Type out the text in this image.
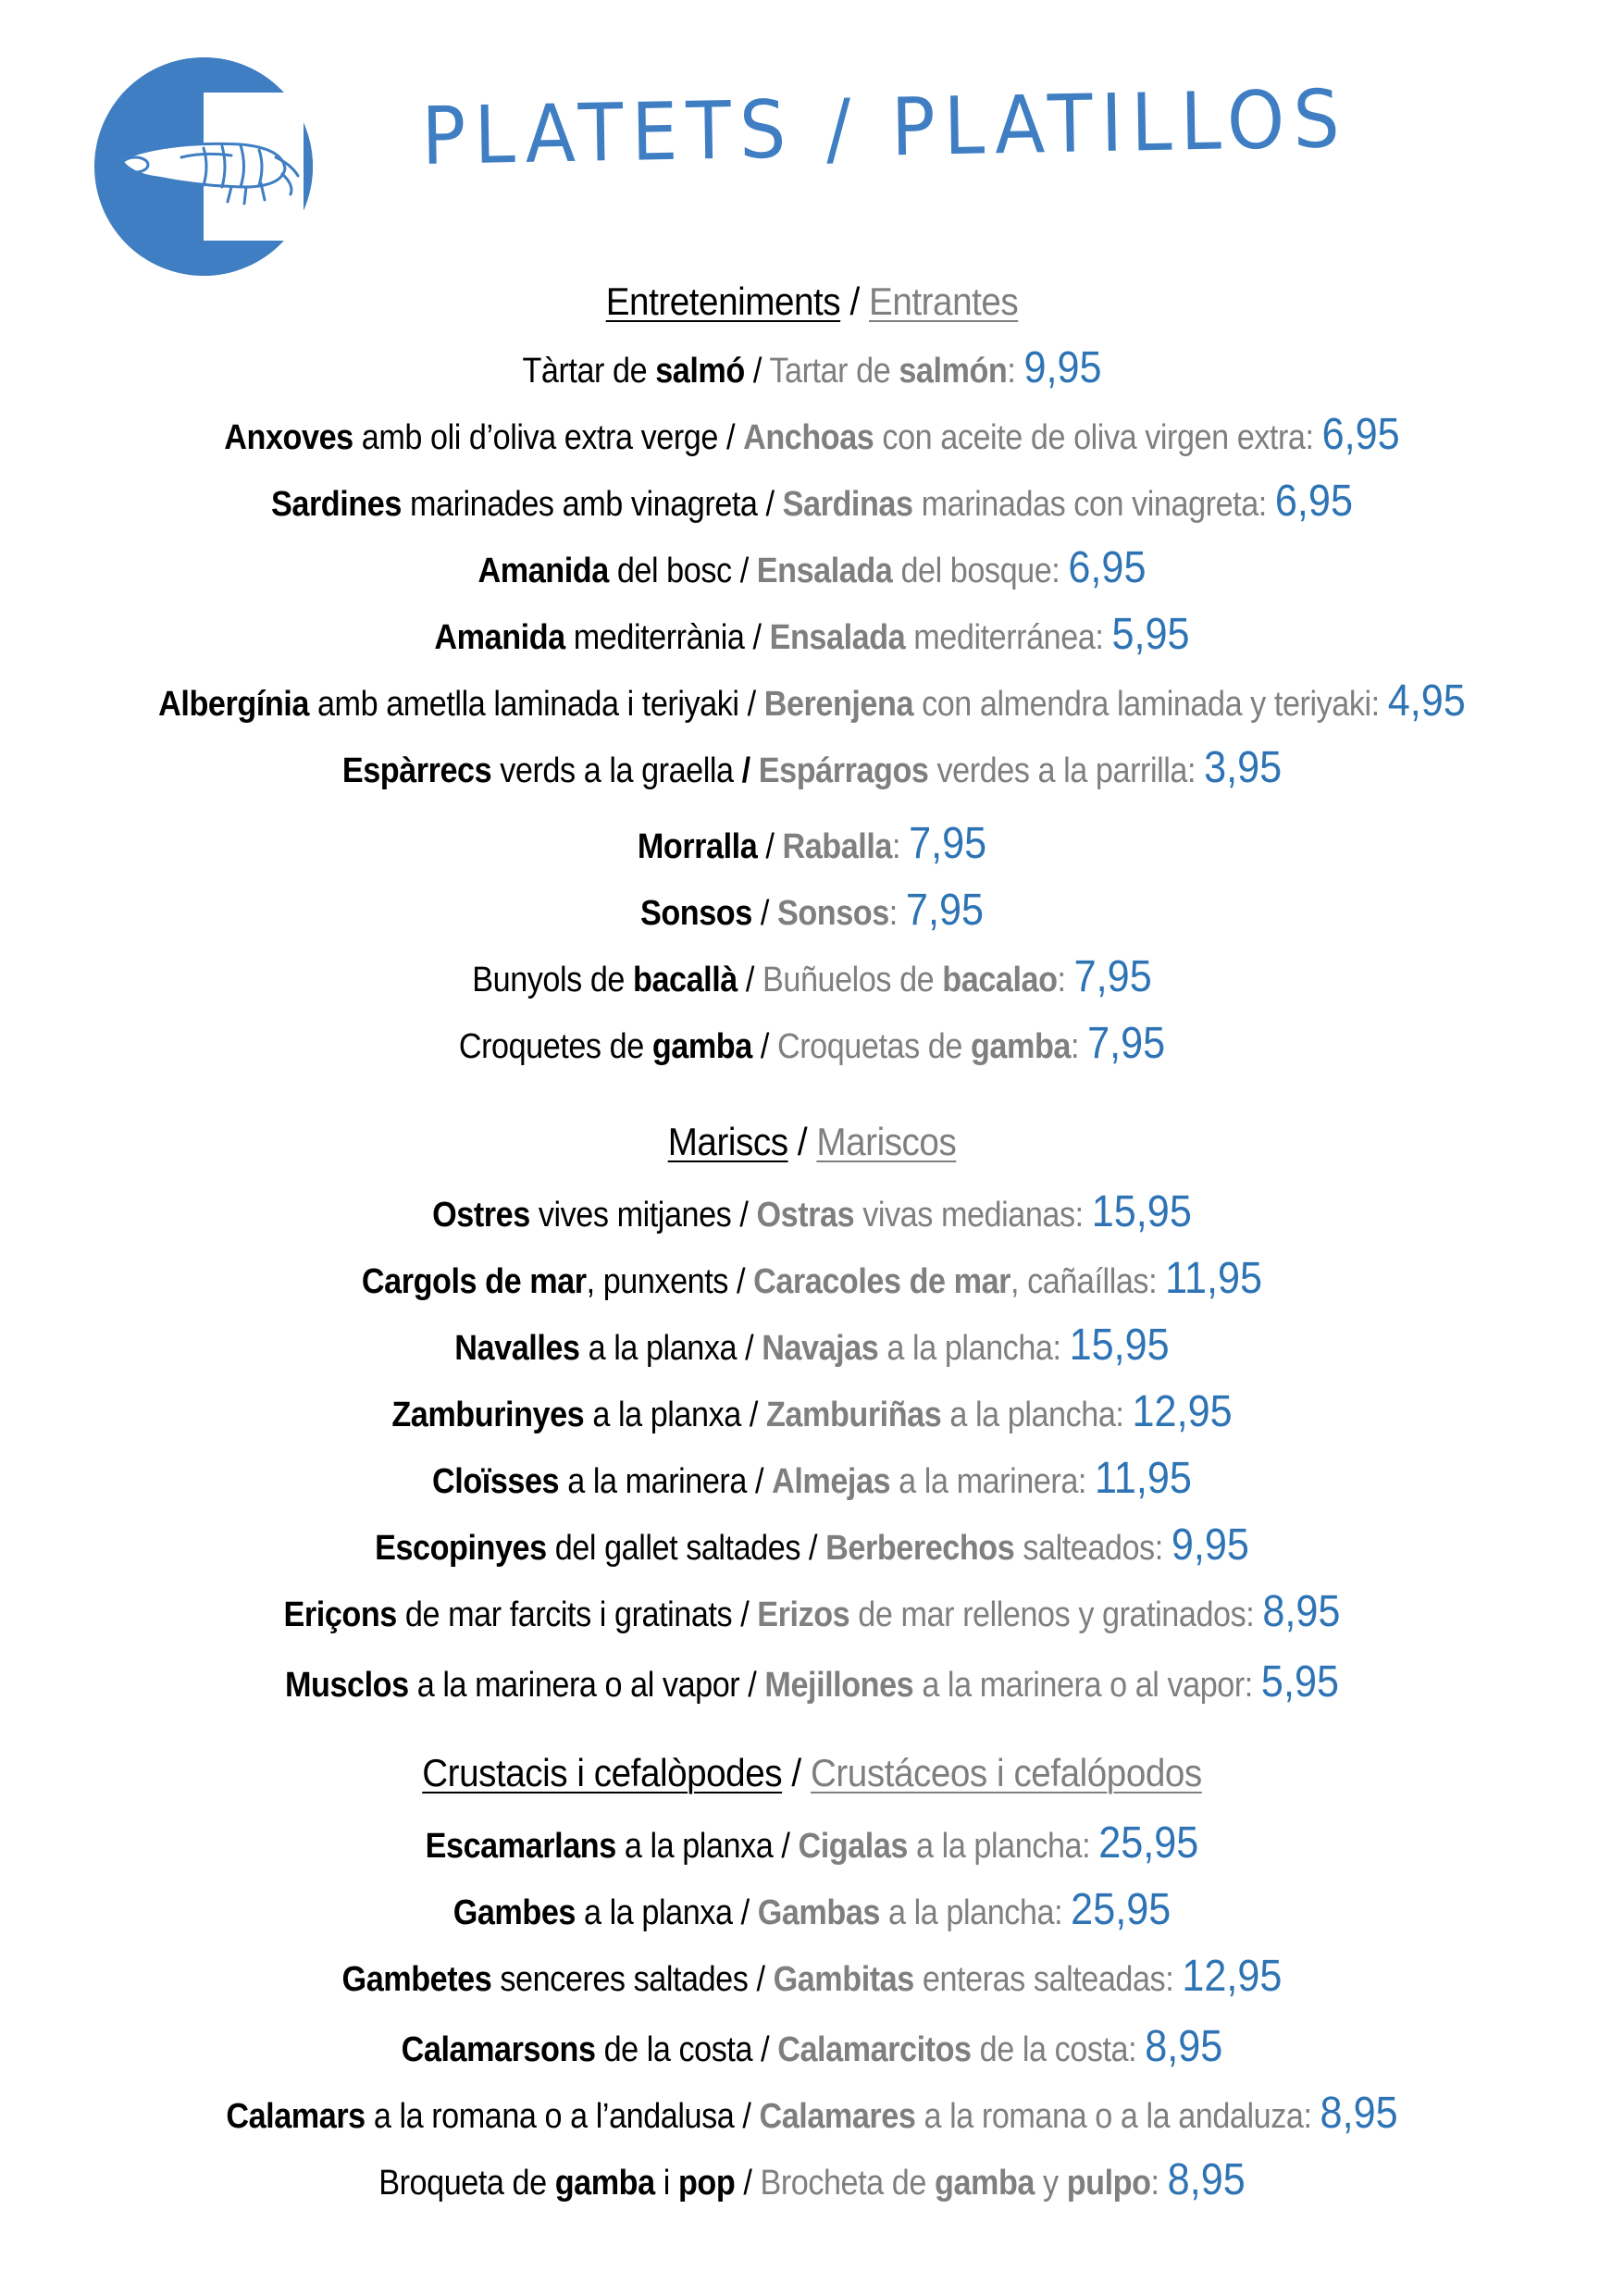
PLATETS / PLATILLOS
Entreteniments / Entrantes
Tàrtar de salmó / Tartar de salmón: 9,95
Anxoves amb oli d’oliva extra verge / Anchoas con aceite de oliva virgen extra: 6,95
Sardines marinades amb vinagreta / Sardinas marinadas con vinagreta: 6,95
Amanida del bosc / Ensalada del bosque: 6,95
Amanida mediterrània / Ensalada mediterránea: 5,95
Albergínia amb ametlla laminada i teriyaki / Berenjena con almendra laminada y teriyaki: 4,95
Espàrrecs verds a la graella / Espárragos verdes a la parrilla: 3,95
Morralla / Raballa: 7,95
Sonsos / Sonsos: 7,95
Bunyols de bacallà / Buñuelos de bacalao: 7,95
Croquetes de gamba / Croquetas de gamba: 7,95
Mariscs / Mariscos
Ostres vives mitjanes / Ostras vivas medianas: 15,95
Cargols de mar, punxents / Caracoles de mar, cañaíllas: 11,95
Navalles a la planxa / Navajas a la plancha: 15,95
Zamburinyes a la planxa / Zamburiñas a la plancha: 12,95
Cloïsses a la marinera / Almejas a la marinera: 11,95
Escopinyes del gallet saltades / Berberechos salteados: 9,95
Eriçons de mar farcits i gratinats / Erizos de mar rellenos y gratinados: 8,95
Musclos a la marinera o al vapor / Mejillones a la marinera o al vapor: 5,95
Crustacis i cefalòpodes / Crustáceos i cefalópodos
Escamarlans a la planxa / Cigalas a la plancha: 25,95
Gambes a la planxa / Gambas a la plancha: 25,95
Gambetes senceres saltades / Gambitas enteras salteadas: 12,95
Calamarsons de la costa / Calamarcitos de la costa: 8,95
Calamars a la romana o a l’andalusa / Calamares a la romana o a la andaluza: 8,95
Broqueta de gamba i pop / Brocheta de gamba y pulpo: 8,95
